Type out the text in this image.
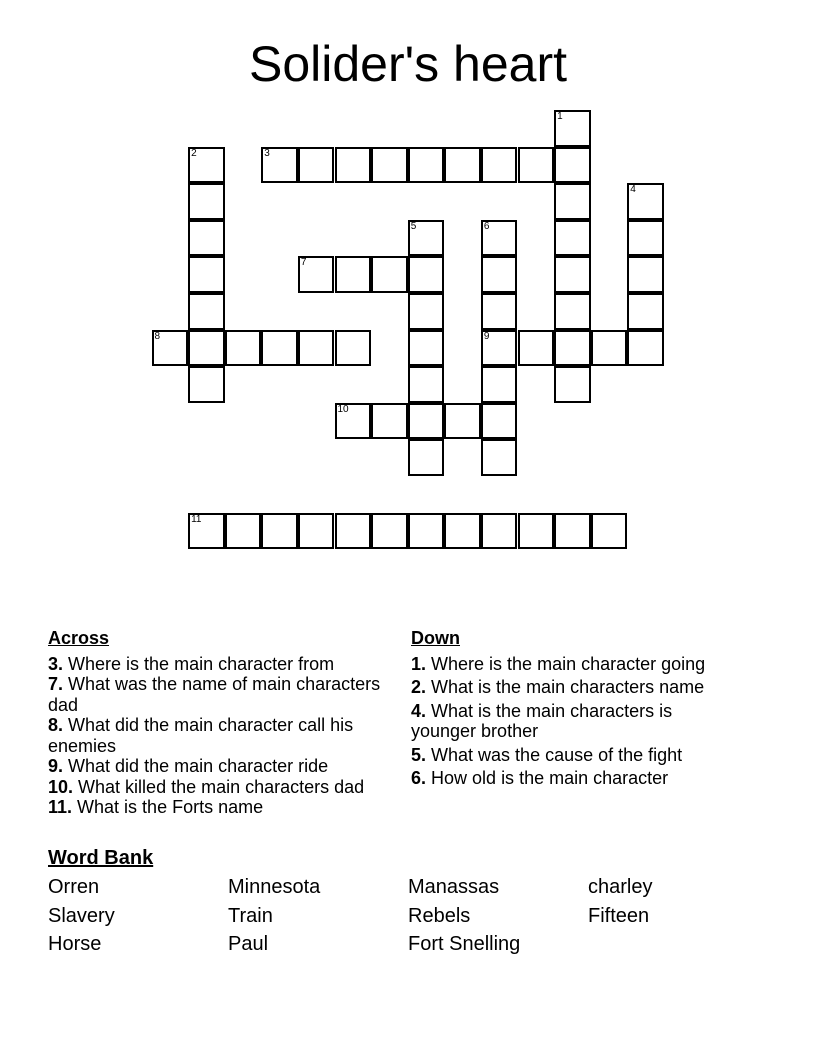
Solider's heart
1
2	3
4
5	6
9
7
8
10
11
Across
3. Where is the main character from
7. What was the name of main characters dad
8. What did the main character call his enemies
9. What did the main character ride
10. What killed the main characters dad
11. What is the Forts name
Down
1. Where is the main character going
2. What is the main characters name
4. What is the main characters is younger brother
5. What was the cause of the fight
6. How old is the main character
Word Bank
Orren	Minnesota	Manassas	charley
Slavery	Train	Rebels	Fifteen
Horse	Paul	Fort Snelling
